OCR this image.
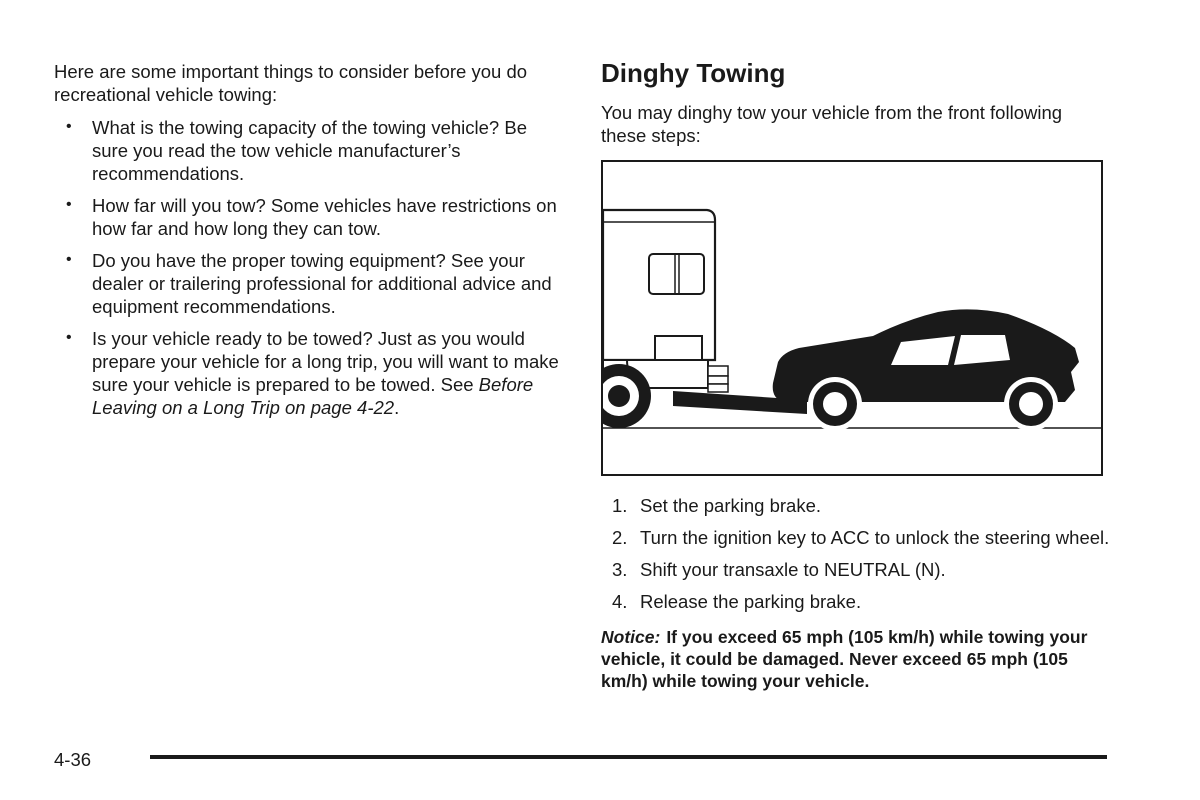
Here are some important things to consider before you do recreational vehicle towing:

• What is the towing capacity of the towing vehicle? Be sure you read the tow vehicle manufacturer’s recommendations.
• How far will you tow? Some vehicles have restrictions on how far and how long they can tow.
• Do you have the proper towing equipment? See your dealer or trailering professional for additional advice and equipment recommendations.
• Is your vehicle ready to be towed? Just as you would prepare your vehicle for a long trip, you will want to make sure your vehicle is prepared to be towed. See Before Leaving on a Long Trip on page 4-22.
Dinghy Towing

You may dinghy tow your vehicle from the front following these steps:

1. Set the parking brake.
2. Turn the ignition key to ACC to unlock the steering wheel.
3. Shift your transaxle to NEUTRAL (N).
4. Release the parking brake.

Notice: If you exceed 65 mph (105 km/h) while towing your vehicle, it could be damaged. Never exceed 65 mph (105 km/h) while towing your vehicle.

4-36
